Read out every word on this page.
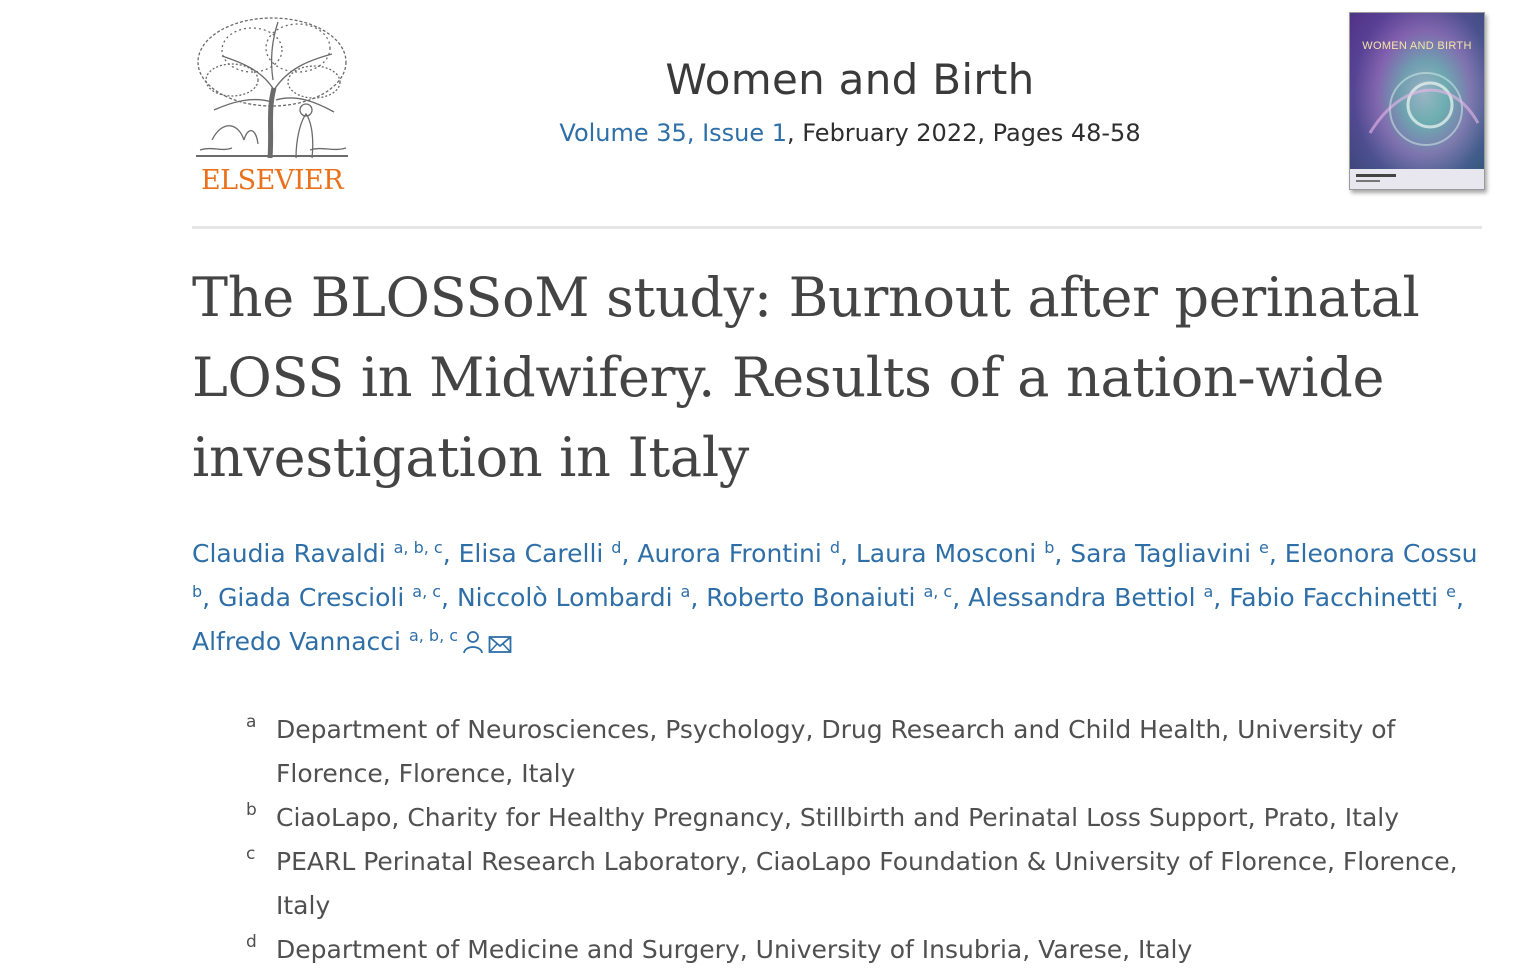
ELSEVIER
Women and Birth
Volume 35, Issue 1, February 2022, Pages 48-58
WOMEN AND BIRTH
The BLOSSoM study: Burnout after perinatal LOSS in Midwifery. Results of a nation-wide investigation in Italy
Claudia Ravaldi $^{a, b, c}$, Elisa Carelli $^d$, Aurora Frontini $^d$, Laura Mosconi $^b$, Sara Tagliavini $^e$, Eleonora Cossu $^b$, Giada Crescioli $^{a, c}$, Niccolò Lombardi $^a$, Roberto Bonaiuti $^{a, c}$, Alessandra Bettiol $^a$, Fabio Facchinetti $^e$, Alfredo Vannacci $^{a, b, c}$
a Department of Neurosciences, Psychology, Drug Research and Child Health, University of Florence, Florence, Italy
b CiaoLapo, Charity for Healthy Pregnancy, Stillbirth and Perinatal Loss Support, Prato, Italy
c PEARL Perinatal Research Laboratory, CiaoLapo Foundation & University of Florence, Florence, Italy
d Department of Medicine and Surgery, University of Insubria, Varese, Italy
